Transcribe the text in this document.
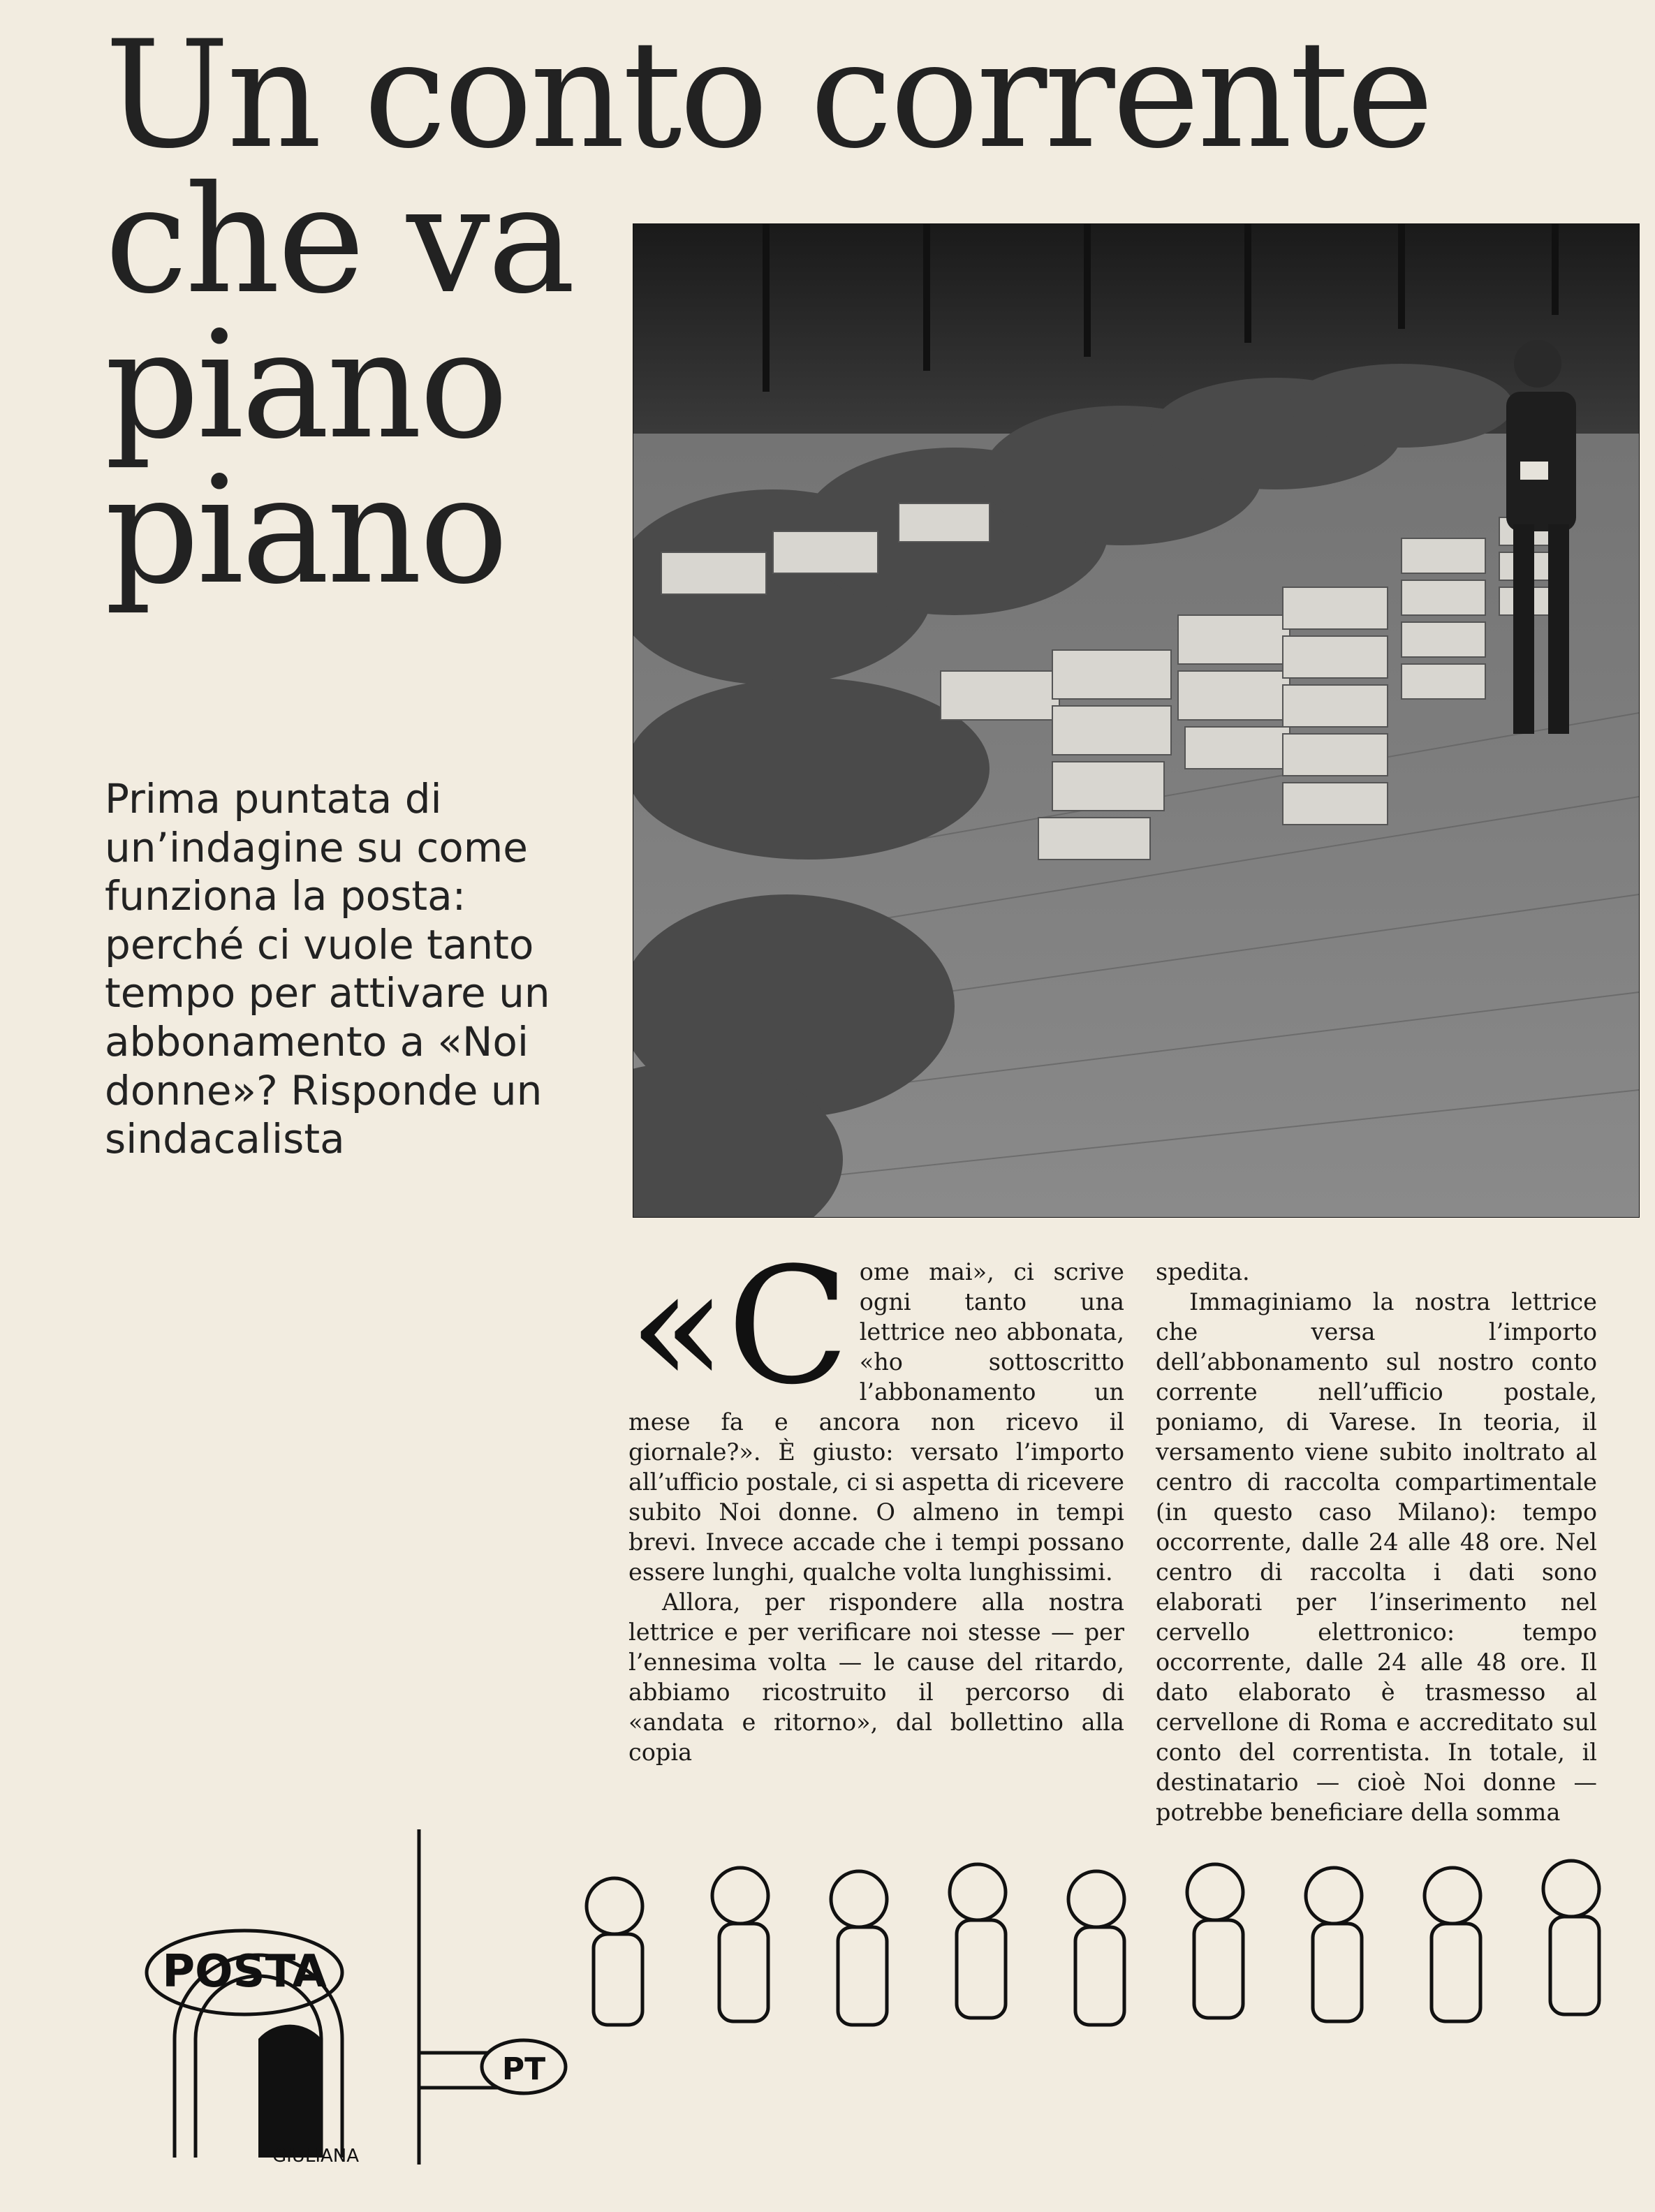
Un conto corrente
che va
piano
piano

Prima puntata di un’indagine su come funziona la posta: perché ci vuole tanto tempo per attivare un abbonamento a «Noi donne»? Risponde un sindacalista

«C ome mai», ci scrive ogni tanto una lettrice neo abbonata, «ho sottoscritto l’abbonamento un mese fa e ancora non ricevo il giornale?». È giusto: versato l’importo all’ufficio postale, ci si aspetta di ricevere subito Noi donne. O almeno in tempi brevi. Invece accade che i tempi possano essere lunghi, qualche volta lunghissimi.

Allora, per rispondere alla nostra lettrice e per verificare noi stesse — per l’ennesima volta — le cause del ritardo, abbiamo ricostruito il percorso di «andata e ritorno», dal bollettino alla copia

spedita.

Immaginiamo la nostra lettrice che versa l’importo dell’abbonamento sul nostro conto corrente nell’ufficio postale, poniamo, di Varese. In teoria, il versamento viene subito inoltrato al centro di raccolta compartimentale (in questo caso Milano): tempo occorrente, dalle 24 alle 48 ore. Nel centro di raccolta i dati sono elaborati per l’inserimento nel cervello elettronico: tempo occorrente, dalle 24 alle 48 ore. Il dato elaborato è trasmesso al cervellone di Roma e accreditato sul conto del correntista. In totale, il destinatario — cioè Noi donne — potrebbe beneficiare della somma

POSTA
PT
GIULIANA
